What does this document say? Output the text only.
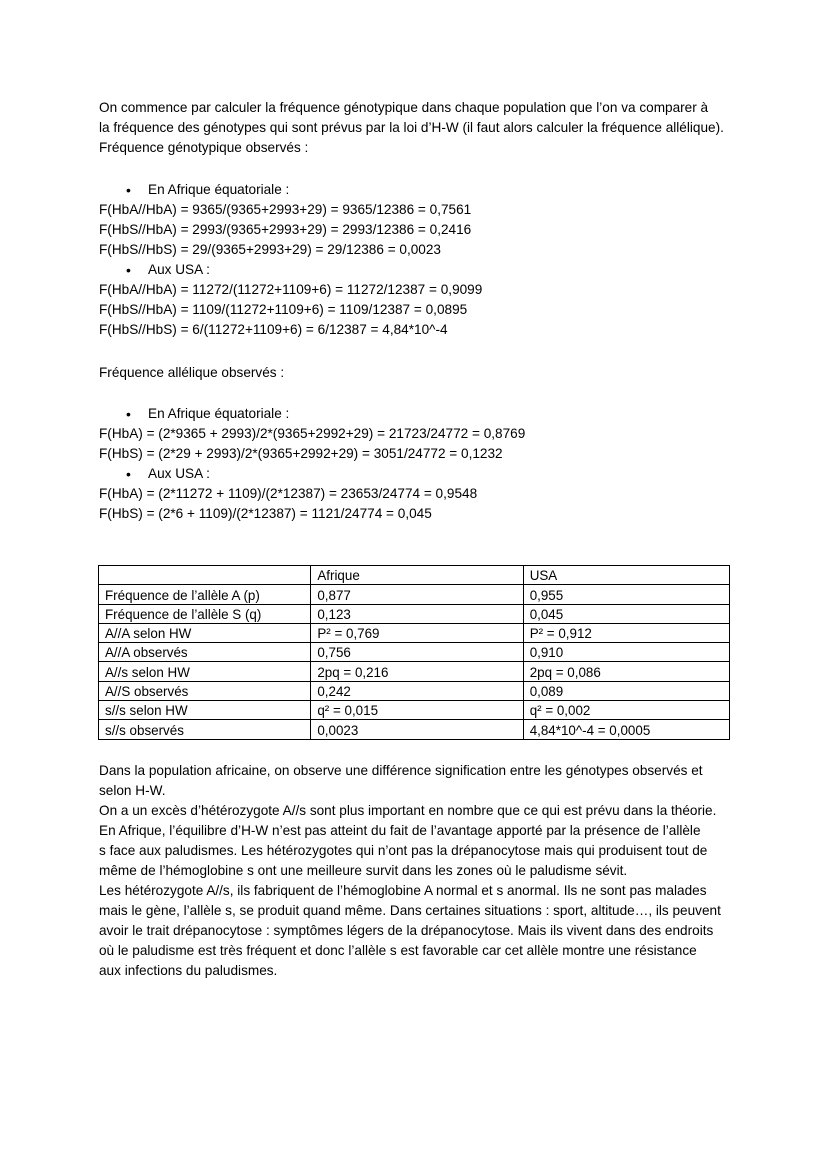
On commence par calculer la fréquence génotypique dans chaque population que l’on va comparer à
la fréquence des génotypes qui sont prévus par la loi d’H-W (il faut alors calculer la fréquence allélique).
Fréquence génotypique observés :
• En Afrique équatoriale :
F(HbA//HbA) = 9365/(9365+2993+29) = 9365/12386 = 0,7561
F(HbS//HbA) = 2993/(9365+2993+29) = 2993/12386 = 0,2416
F(HbS//HbS) = 29/(9365+2993+29) = 29/12386 = 0,0023
• Aux USA :
F(HbA//HbA) = 11272/(11272+1109+6) = 11272/12387 = 0,9099
F(HbS//HbA) = 1109/(11272+1109+6) = 1109/12387 = 0,0895
F(HbS//HbS) = 6/(11272+1109+6) = 6/12387 = 4,84*10^-4
Fréquence allélique observés :
• En Afrique équatoriale :
F(HbA) = (2*9365 + 2993)/2*(9365+2992+29) = 21723/24772 = 0,8769
F(HbS) = (2*29 + 2993)/2*(9365+2992+29) = 3051/24772 = 0,1232
• Aux USA :
F(HbA) = (2*11272 + 1109)/(2*12387) = 23653/24774 = 0,9548
F(HbS) = (2*6 + 1109)/(2*12387) = 1121/24774 = 0,045
	Afrique	USA
Fréquence de l’allèle A (p)	0,877	0,955
Fréquence de l’allèle S (q)	0,123	0,045
A//A selon HW	P² = 0,769	P² = 0,912
A//A observés	0,756	0,910
A//s selon HW	2pq = 0,216	2pq = 0,086
A//S observés	0,242	0,089
s//s selon HW	q² = 0,015	q² = 0,002
s//s observés	0,0023	4,84*10^-4 = 0,0005
Dans la population africaine, on observe une différence signification entre les génotypes observés et
selon H-W.
On a un excès d’hétérozygote A//s sont plus important en nombre que ce qui est prévu dans la théorie.
En Afrique, l’équilibre d’H-W n’est pas atteint du fait de l’avantage apporté par la présence de l’allèle
s face aux paludismes. Les hétérozygotes qui n’ont pas la drépanocytose mais qui produisent tout de
même de l’hémoglobine s ont une meilleure survit dans les zones où le paludisme sévit.
Les hétérozygote A//s, ils fabriquent de l’hémoglobine A normal et s anormal. Ils ne sont pas malades
mais le gène, l’allèle s, se produit quand même. Dans certaines situations : sport, altitude…, ils peuvent
avoir le trait drépanocytose : symptômes légers de la drépanocytose. Mais ils vivent dans des endroits
où le paludisme est très fréquent et donc l’allèle s est favorable car cet allèle montre une résistance
aux infections du paludismes.
